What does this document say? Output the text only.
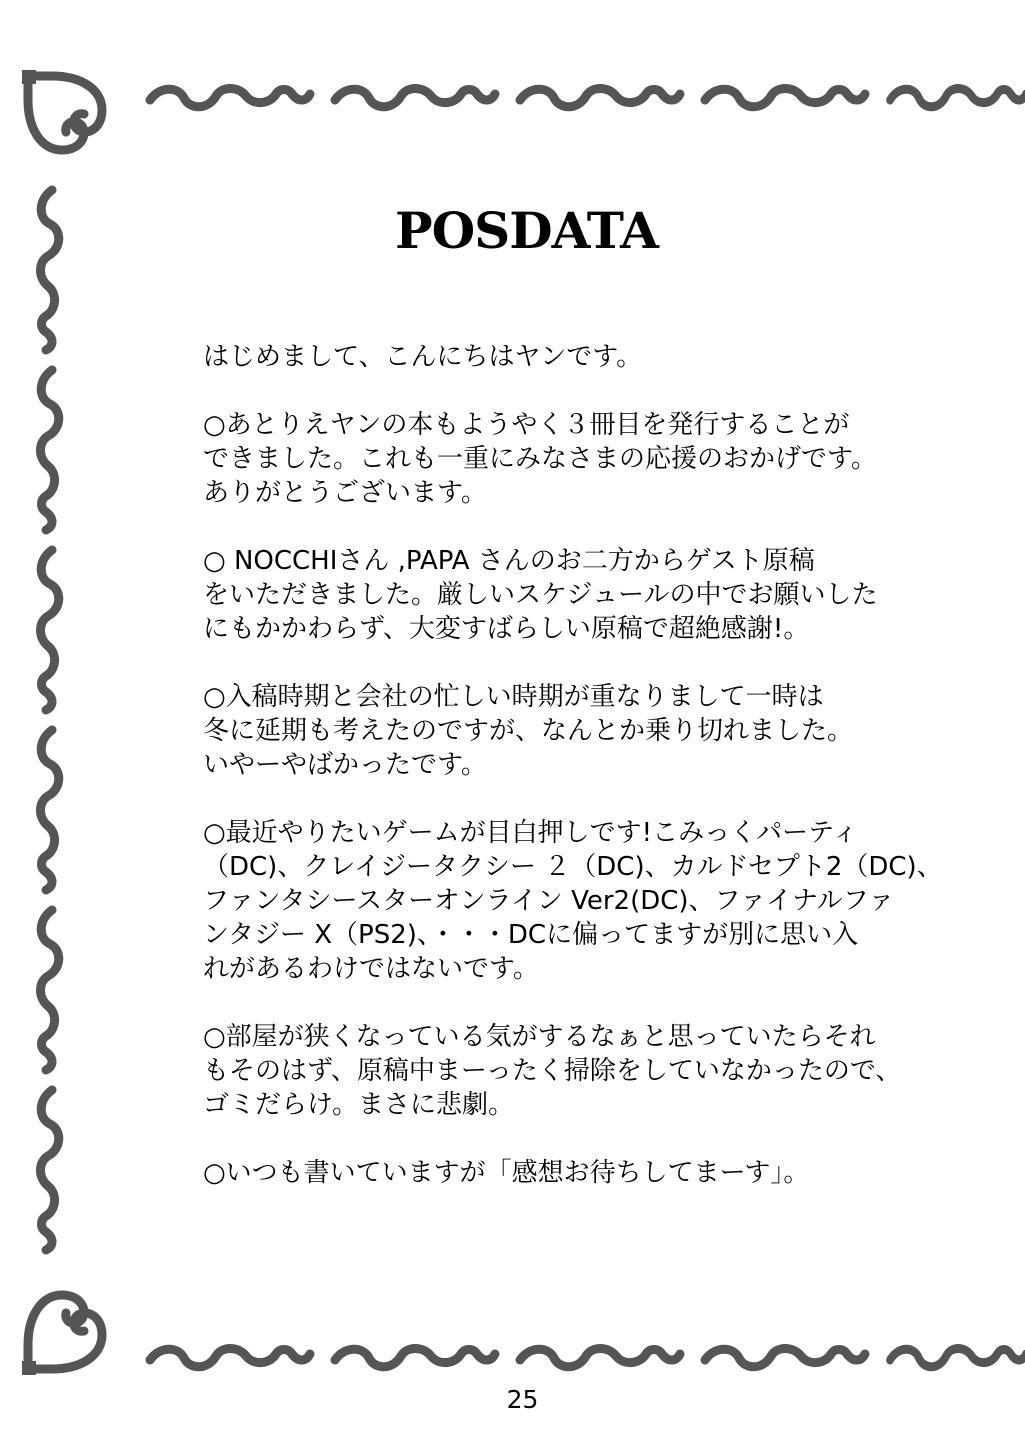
POSDATA
はじめまして、こんにちはヤンです。
○あとりえヤンの本もようやく３冊目を発行することが
できました。これも一重にみなさまの応援のおかげです。
ありがとうございます。
○ NOCCHIさん ,PAPA さんのお二方からゲスト原稿
をいただきました。厳しいスケジュールの中でお願いした
にもかかわらず、大変すばらしい原稿で超絶感謝!。
○入稿時期と会社の忙しい時期が重なりまして一時は
冬に延期も考えたのですが、なんとか乗り切れました。
いやーやばかったです。
○最近やりたいゲームが目白押しです!こみっくパーティ
（DC)、クレイジータクシー ２（DC)、カルドセプト2（DC)、
ファンタシースターオンライン Ver2(DC)、ファイナルファ
ンタジー X（PS2)、・・・DCに偏ってますが別に思い入
れがあるわけではないです。
○部屋が狭くなっている気がするなぁと思っていたらそれ
もそのはず、原稿中まーったく掃除をしていなかったので、
ゴミだらけ。まさに悲劇。
○いつも書いていますが「感想お待ちしてまーす」。
25
